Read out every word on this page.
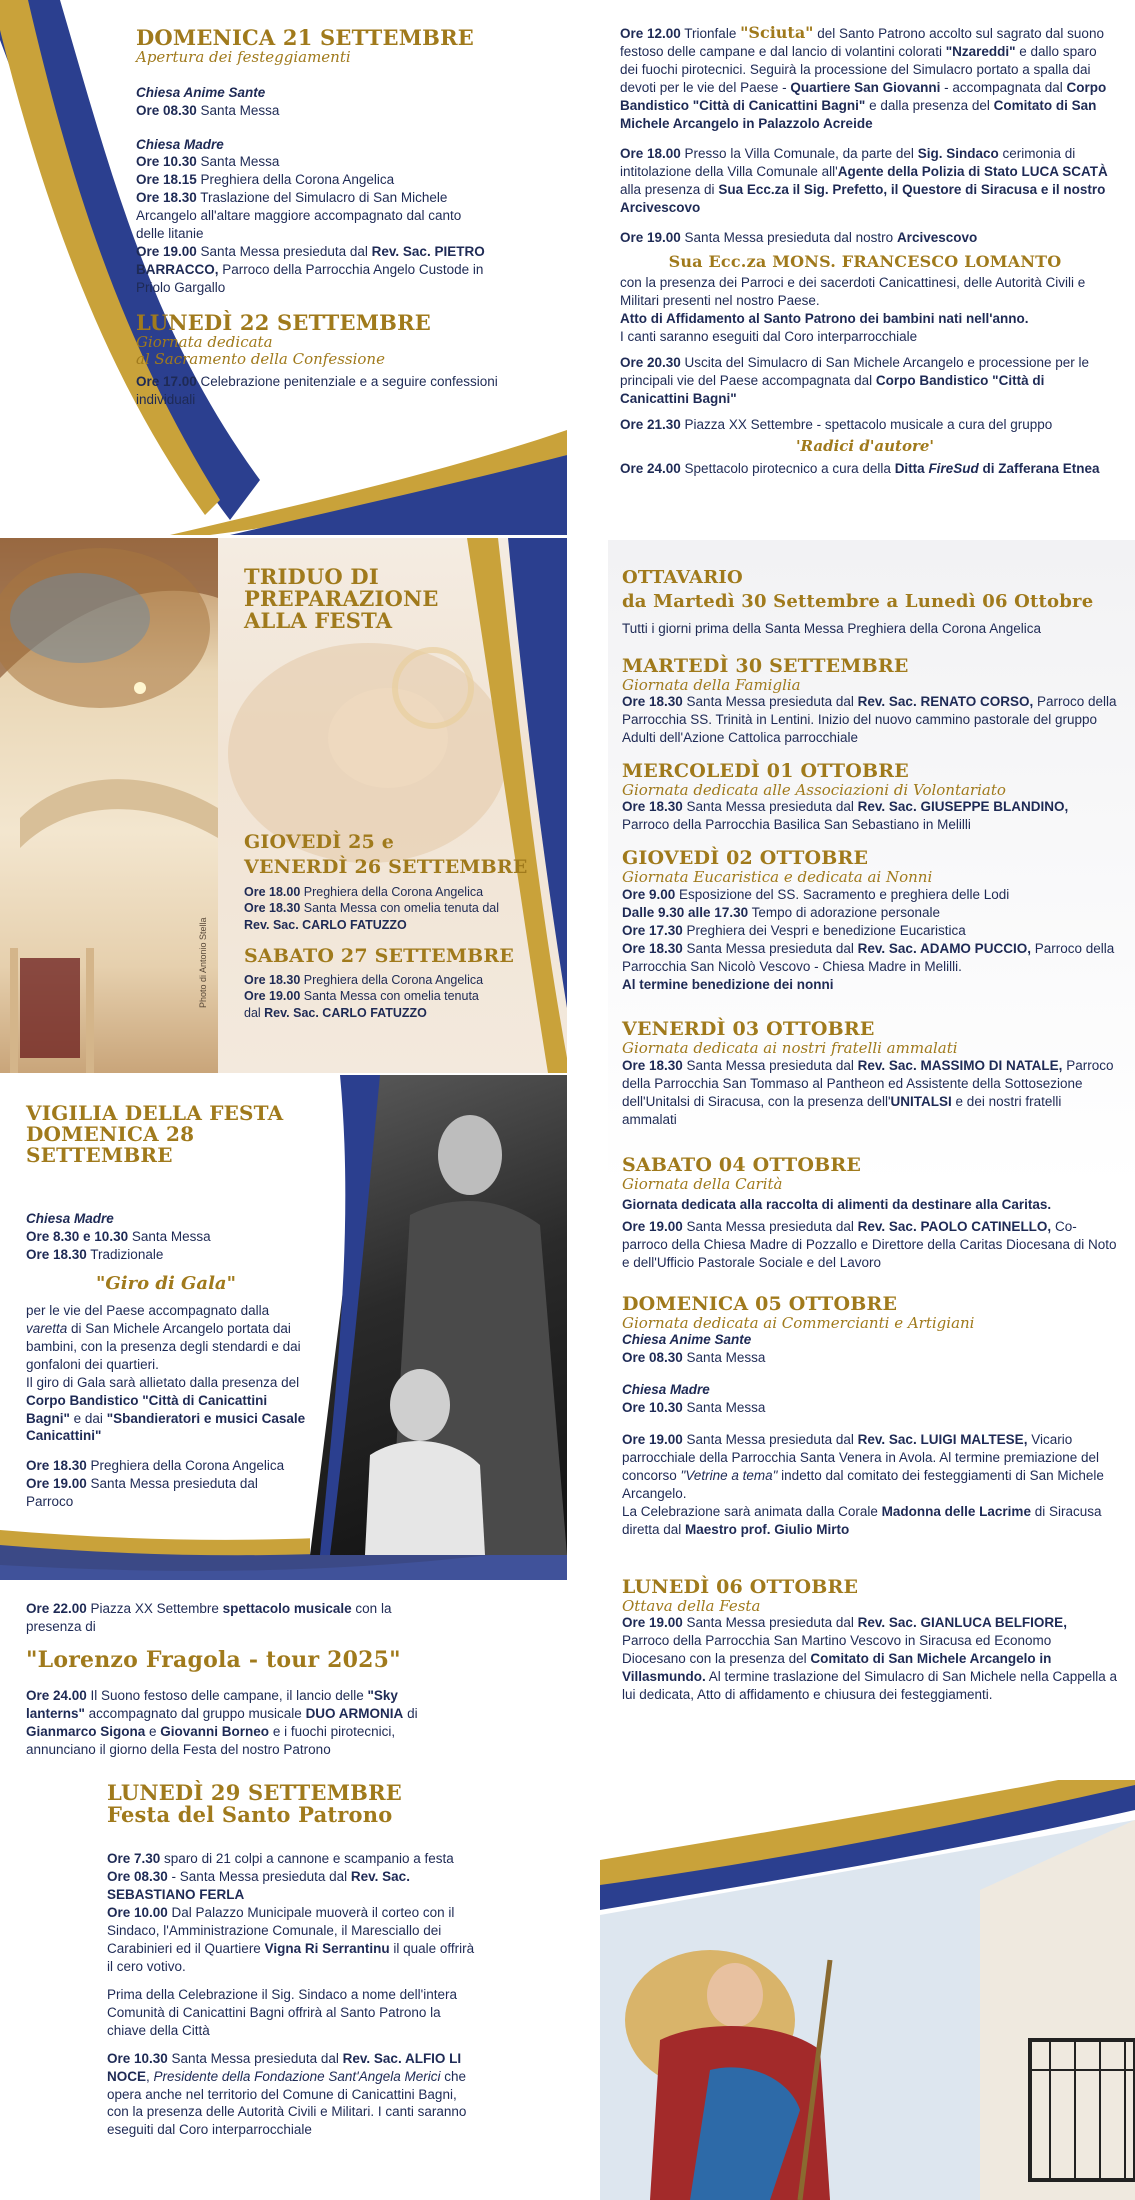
DOMENICA 21 SETTEMBRE
Apertura dei festeggiamenti
Chiesa Anime Sante
Ore 08.30 Santa Messa
Chiesa Madre
Ore 10.30 Santa Messa
Ore 18.15 Preghiera della Corona Angelica
Ore 18.30 Traslazione del Simulacro di San Michele Arcangelo all'altare maggiore accompagnato dal canto delle litanie
Ore 19.00 Santa Messa presieduta dal Rev. Sac. PIETRO BARRACCO, Parroco della Parrocchia Angelo Custode in Priolo Gargallo
LUNEDÌ 22 SETTEMBRE
Giornata dedicata
al Sacramento della Confessione
Ore 17.00 Celebrazione penitenziale e a seguire confessioni individuali
Ore 12.00 Trionfale "Sciuta" del Santo Patrono accolto sul sagrato dal suono festoso delle campane e dal lancio di volantini colorati "Nzareddi" e dallo sparo dei fuochi pirotecnici. Seguirà la processione del Simulacro portato a spalla dai devoti per le vie del Paese - Quartiere San Giovanni - accompagnata dal Corpo Bandistico "Città di Canicattini Bagni" e dalla presenza del Comitato di San Michele Arcangelo in Palazzolo Acreide
Ore 18.00 Presso la Villa Comunale, da parte del Sig. Sindaco cerimonia di intitolazione della Villa Comunale all'Agente della Polizia di Stato LUCA SCATÀ alla presenza di Sua Ecc.za il Sig. Prefetto, il Questore di Siracusa e il nostro Arcivescovo
Ore 19.00 Santa Messa presieduta dal nostro Arcivescovo
Sua Ecc.za MONS. FRANCESCO LOMANTO
con la presenza dei Parroci e dei sacerdoti Canicattinesi, delle Autorità Civili e Militari presenti nel nostro Paese.
Atto di Affidamento al Santo Patrono dei bambini nati nell'anno.
I canti saranno eseguiti dal Coro interparrocchiale
Ore 20.30 Uscita del Simulacro di San Michele Arcangelo e processione per le principali vie del Paese accompagnata dal Corpo Bandistico "Città di Canicattini Bagni"
Ore 21.30 Piazza XX Settembre - spettacolo musicale a cura del gruppo
'Radici d'autore'
Ore 24.00 Spettacolo pirotecnico a cura della Ditta FireSud di Zafferana Etnea
Photo di Antonio Stella
TRIDUO DI
PREPARAZIONE
ALLA FESTA
GIOVEDÌ 25 e
VENERDÌ 26 SETTEMBRE
Ore 18.00 Preghiera della Corona Angelica
Ore 18.30 Santa Messa con omelia tenuta dal Rev. Sac. CARLO FATUZZO
SABATO 27 SETTEMBRE
Ore 18.30 Preghiera della Corona Angelica
Ore 19.00 Santa Messa con omelia tenuta dal Rev. Sac. CARLO FATUZZO
OTTAVARIO
da Martedì 30 Settembre a Lunedì 06 Ottobre
Tutti i giorni prima della Santa Messa Preghiera della Corona Angelica
MARTEDÌ 30 SETTEMBRE
Giornata della Famiglia
Ore 18.30 Santa Messa presieduta dal Rev. Sac. RENATO CORSO, Parroco della Parrocchia SS. Trinità in Lentini. Inizio del nuovo cammino pastorale del gruppo Adulti dell'Azione Cattolica parrocchiale
MERCOLEDÌ 01 OTTOBRE
Giornata dedicata alle Associazioni di Volontariato
Ore 18.30 Santa Messa presieduta dal Rev. Sac. GIUSEPPE BLANDINO, Parroco della Parrocchia Basilica San Sebastiano in Melilli
GIOVEDÌ 02 OTTOBRE
Giornata Eucaristica e dedicata ai Nonni
Ore 9.00 Esposizione del SS. Sacramento e preghiera delle Lodi
Dalle 9.30 alle 17.30 Tempo di adorazione personale
Ore 17.30 Preghiera dei Vespri e benedizione Eucaristica
Ore 18.30 Santa Messa presieduta dal Rev. Sac. ADAMO PUCCIO, Parroco della Parrocchia San Nicolò Vescovo - Chiesa Madre in Melilli.
Al termine benedizione dei nonni
VENERDÌ 03 OTTOBRE
Giornata dedicata ai nostri fratelli ammalati
Ore 18.30 Santa Messa presieduta dal Rev. Sac. MASSIMO DI NATALE, Parroco della Parrocchia San Tommaso al Pantheon ed Assistente della Sottosezione dell'Unitalsi di Siracusa, con la presenza dell'UNITALSI e dei nostri fratelli ammalati
SABATO 04 OTTOBRE
Giornata della Carità
Giornata dedicata alla raccolta di alimenti da destinare alla Caritas.
Ore 19.00 Santa Messa presieduta dal Rev. Sac. PAOLO CATINELLO, Co-parroco della Chiesa Madre di Pozzallo e Direttore della Caritas Diocesana di Noto e dell'Ufficio Pastorale Sociale e del Lavoro
DOMENICA 05 OTTOBRE
Giornata dedicata ai Commercianti e Artigiani
Chiesa Anime Sante
Ore 08.30 Santa Messa
Chiesa Madre
Ore 10.30 Santa Messa
Ore 19.00 Santa Messa presieduta dal Rev. Sac. LUIGI MALTESE, Vicario parrocchiale della Parrocchia Santa Venera in Avola. Al termine premiazione del concorso "Vetrine a tema" indetto dal comitato dei festeggiamenti di San Michele Arcangelo.
La Celebrazione sarà animata dalla Corale Madonna delle Lacrime di Siracusa diretta dal Maestro prof. Giulio Mirto
LUNEDÌ 06 OTTOBRE
Ottava della Festa
Ore 19.00 Santa Messa presieduta dal Rev. Sac. GIANLUCA BELFIORE, Parroco della Parrocchia San Martino Vescovo in Siracusa ed Economo Diocesano con la presenza del Comitato di San Michele Arcangelo in Villasmundo. Al termine traslazione del Simulacro di San Michele nella Cappella a lui dedicata, Atto di affidamento e chiusura dei festeggiamenti.
VIGILIA DELLA FESTA
DOMENICA 28 SETTEMBRE
Chiesa Madre
Ore 8.30 e 10.30 Santa Messa
Ore 18.30 Tradizionale
"Giro di Gala"
per le vie del Paese accompagnato dalla varetta di San Michele Arcangelo portata dai bambini, con la presenza degli stendardi e dai gonfaloni dei quartieri.
Il giro di Gala sarà allietato dalla presenza del Corpo Bandistico "Città di Canicattini Bagni" e dai "Sbandieratori e musici Casale Canicattini"
Ore 18.30 Preghiera della Corona Angelica
Ore 19.00 Santa Messa presieduta dal Parroco
Ore 22.00 Piazza XX Settembre spettacolo musicale con la presenza di
"Lorenzo Fragola - tour 2025"
Ore 24.00 Il Suono festoso delle campane, il lancio delle "Sky lanterns" accompagnato dal gruppo musicale DUO ARMONIA di Gianmarco Sigona e Giovanni Borneo e i fuochi pirotecnici, annunciano il giorno della Festa del nostro Patrono
LUNEDÌ 29 SETTEMBRE
Festa del Santo Patrono
Ore 7.30 sparo di 21 colpi a cannone e scampanio a festa
Ore 08.30 - Santa Messa presieduta dal Rev. Sac. SEBASTIANO FERLA
Ore 10.00 Dal Palazzo Municipale muoverà il corteo con il Sindaco, l'Amministrazione Comunale, il Maresciallo dei Carabinieri ed il Quartiere Vigna Ri Serrantinu il quale offrirà il cero votivo.
Prima della Celebrazione il Sig. Sindaco a nome dell'intera Comunità di Canicattini Bagni offrirà al Santo Patrono la chiave della Città
Ore 10.30 Santa Messa presieduta dal Rev. Sac. ALFIO LI NOCE, Presidente della Fondazione Sant'Angela Merici che opera anche nel territorio del Comune di Canicattini Bagni, con la presenza delle Autorità Civili e Militari. I canti saranno eseguiti dal Coro interparrocchiale
